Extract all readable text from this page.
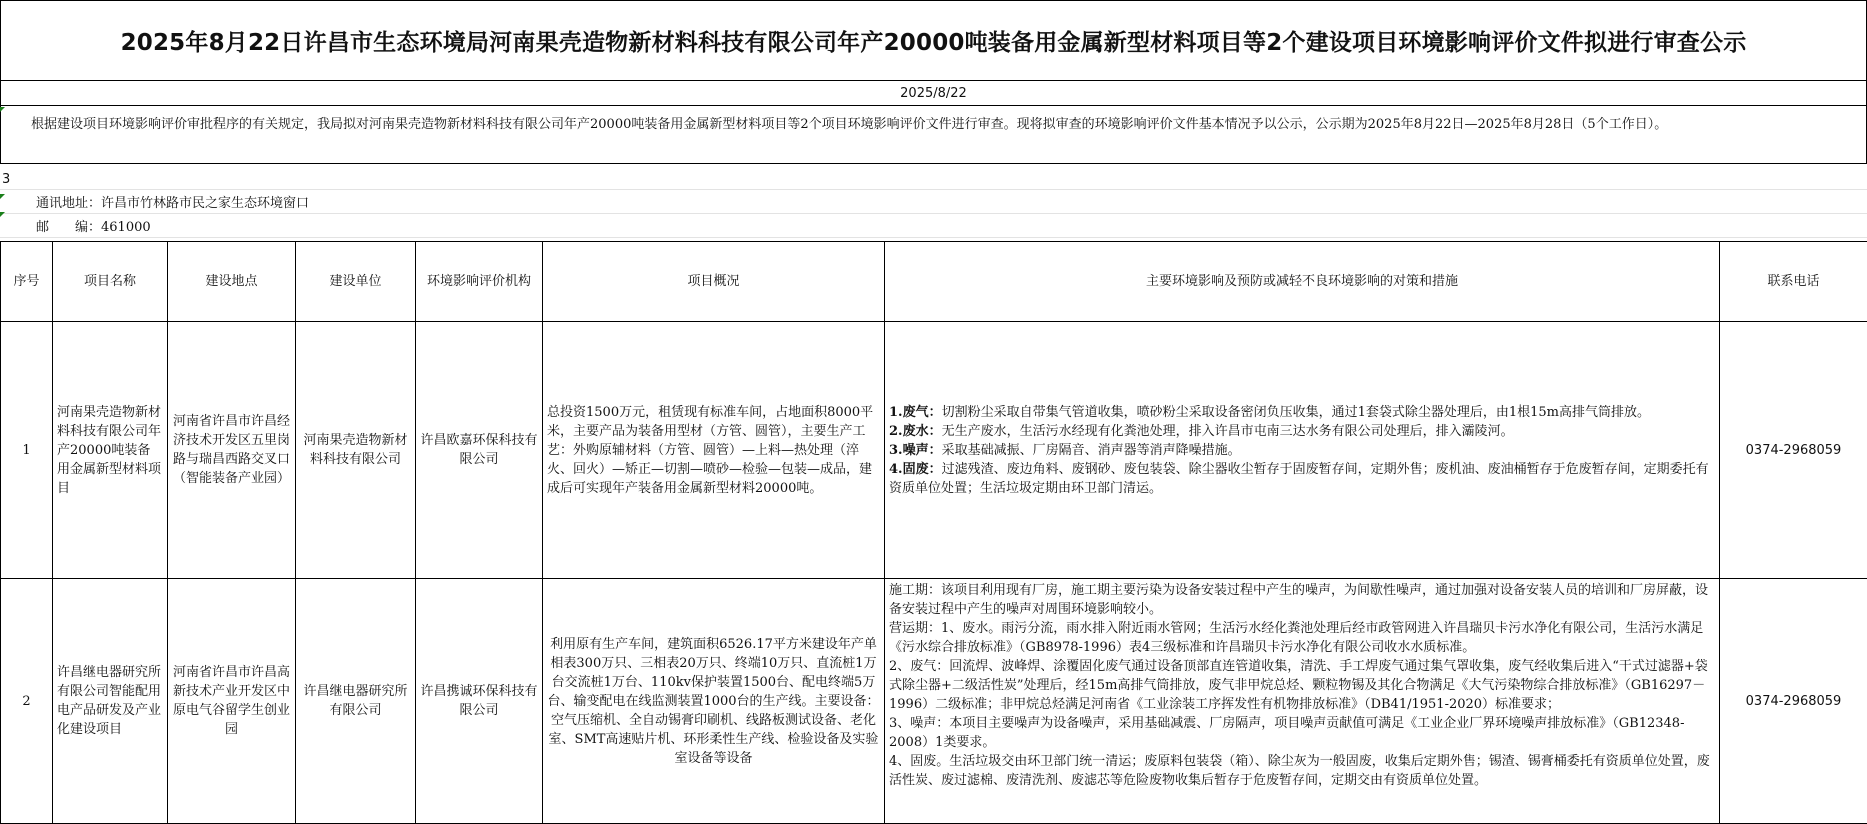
2025年8月22日许昌市生态环境局河南果壳造物新材料科技有限公司年产20000吨装备用金属新型材料项目等2个建设项目环境影响评价文件拟进行审查公示
2025/8/22
根据建设项目环境影响评价审批程序的有关规定，我局拟对河南果壳造物新材料科技有限公司年产20000吨装备用金属新型材料项目等2个项目环境影响评价文件进行审查。现将拟审查的环境影响评价文件基本情况予以公示，公示期为2025年8月22日—2025年8月28日（5个工作日）。
3
通讯地址：许昌市竹林路市民之家生态环境窗口
邮　　编：461000
序号	项目名称	建设地点	建设单位	环境影响评价机构	项目概况	主要环境影响及预防或减轻不良环境影响的对策和措施	联系电话
1	河南果壳造物新材料科技有限公司年产20000吨装备用金属新型材料项目	河南省许昌市许昌经济技术开发区五里岗路与瑞昌西路交叉口（智能装备产业园）	河南果壳造物新材料科技有限公司	许昌欧嘉环保科技有限公司	总投资1500万元，租赁现有标准车间，占地面积8000平米，主要产品为装备用型材（方管、圆管），主要生产工艺：外购原辅材料（方管、圆管）—上料—热处理（淬火、回火）—矫正—切割—喷砂—检验—包装—成品，建成后可实现年产装备用金属新型材料20000吨。	1.废气：切割粉尘采取自带集气管道收集，喷砂粉尘采取设备密闭负压收集，通过1套袋式除尘器处理后，由1根15m高排气筒排放。

2.废水：无生产废水，生活污水经现有化粪池处理，排入许昌市屯南三达水务有限公司处理后，排入灞陵河。

3.噪声：采取基础减振、厂房隔音、消声器等消声降噪措施。

4.固废：过滤残渣、废边角料、废钢砂、废包装袋、除尘器收尘暂存于固废暂存间，定期外售；废机油、废油桶暂存于危废暂存间，定期委托有资质单位处置；生活垃圾定期由环卫部门清运。	0374-2968059
2	许昌继电器研究所有限公司智能配用电产品研发及产业化建设项目	河南省许昌市许昌高新技术产业开发区中原电气谷留学生创业园	许昌继电器研究所有限公司	许昌携诚环保科技有限公司	利用原有生产车间，建筑面积6526.17平方米建设年产单相表300万只、三相表20万只、终端10万只、直流桩1万台交流桩1万台、110kv保护装置1500台、配电终端5万台、输变配电在线监测装置1000台的生产线。主要设备：空气压缩机、全自动锡膏印刷机、线路板测试设备、老化室、SMT高速贴片机、环形柔性生产线、检验设备及实验室设备等设备	施工期：该项目利用现有厂房，施工期主要污染为设备安装过程中产生的噪声，为间歇性噪声，通过加强对设备安装人员的培训和厂房屏蔽，设备安装过程中产生的噪声对周围环境影响较小。

营运期：1、废水。雨污分流，雨水排入附近雨水管网；生活污水经化粪池处理后经市政管网进入许昌瑞贝卡污水净化有限公司，生活污水满足《污水综合排放标准》（GB8978-1996）表4三级标准和许昌瑞贝卡污水净化有限公司收水水质标准。

2、废气：回流焊、波峰焊、涂覆固化废气通过设备顶部直连管道收集，清洗、手工焊废气通过集气罩收集，废气经收集后进入“干式过滤器+袋式除尘器+二级活性炭”处理后，经15m高排气筒排放，废气非甲烷总烃、颗粒物锡及其化合物满足《大气污染物综合排放标准》（GB16297－1996）二级标准；非甲烷总烃满足河南省《工业涂装工序挥发性有机物排放标准》（DB41/1951-2020）标准要求；

3、噪声：本项目主要噪声为设备噪声，采用基础减震、厂房隔声，项目噪声贡献值可满足《工业企业厂界环境噪声排放标准》（GB12348-2008）1类要求。

4、固废。生活垃圾交由环卫部门统一清运；废原料包装袋（箱）、除尘灰为一般固废，收集后定期外售；锡渣、锡膏桶委托有资质单位处置，废活性炭、废过滤棉、废清洗剂、废滤芯等危险废物收集后暂存于危废暂存间，定期交由有资质单位处置。	0374-2968059
